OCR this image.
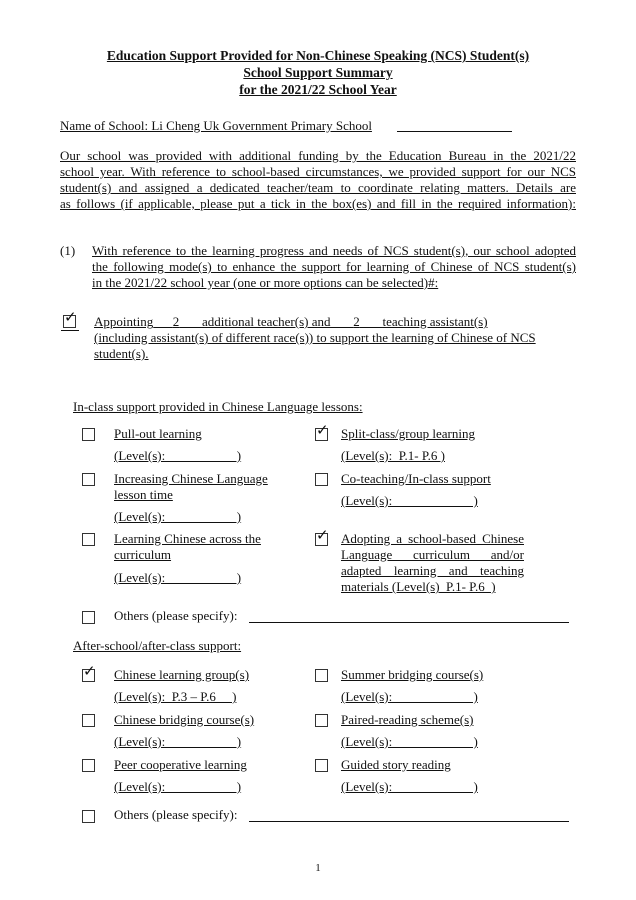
Education Support Provided for Non-Chinese Speaking (NCS) Student(s)
School Support Summary
for the 2021/22 School Year
Name of School: Li Cheng Uk Government Primary School
Our school was provided with additional funding by the Education Bureau in the 2021/22
school year. With reference to school-based circumstances, we provided support for our NCS
student(s) and assigned a dedicated teacher/team to coordinate relating matters. Details are
as follows (if applicable, please put a tick in the box(es) and fill in the required information):
(1) With reference to the learning progress and needs of NCS student(s), our school adopted
the following mode(s) to enhance the support for learning of Chinese of NCS student(s)
in the 2021/22 school year (one or more options can be selected)#:
✓ Appointing 2 additional teacher(s) and 2 teaching assistant(s)
(including assistant(s) of different race(s)) to support the learning of Chinese of NCS
student(s).
In-class support provided in Chinese Language lessons:
Pull-out learning
(Level(s):                      )
✓ Split-class/group learning
(Level(s):  P.1- P.6 )
Increasing Chinese Language
lesson time
(Level(s):                      )
Co-teaching/In-class support
(Level(s):                         )
Learning Chinese across the
curriculum
(Level(s):                      )
✓ Adopting a school-based Chinese
Language    curriculum    and/or
adapted  learning  and  teaching
materials (Level(s)  P.1- P.6  )
Others (please specify):
After-school/after-class support:
✓ Chinese learning group(s)
(Level(s):  P.3 – P.6     )
Summer bridging course(s)
(Level(s):                         )
Chinese bridging course(s)
(Level(s):                      )
Paired-reading scheme(s)
(Level(s):                         )
Peer cooperative learning
(Level(s):                      )
Guided story reading
(Level(s):                         )
Others (please specify):
1
